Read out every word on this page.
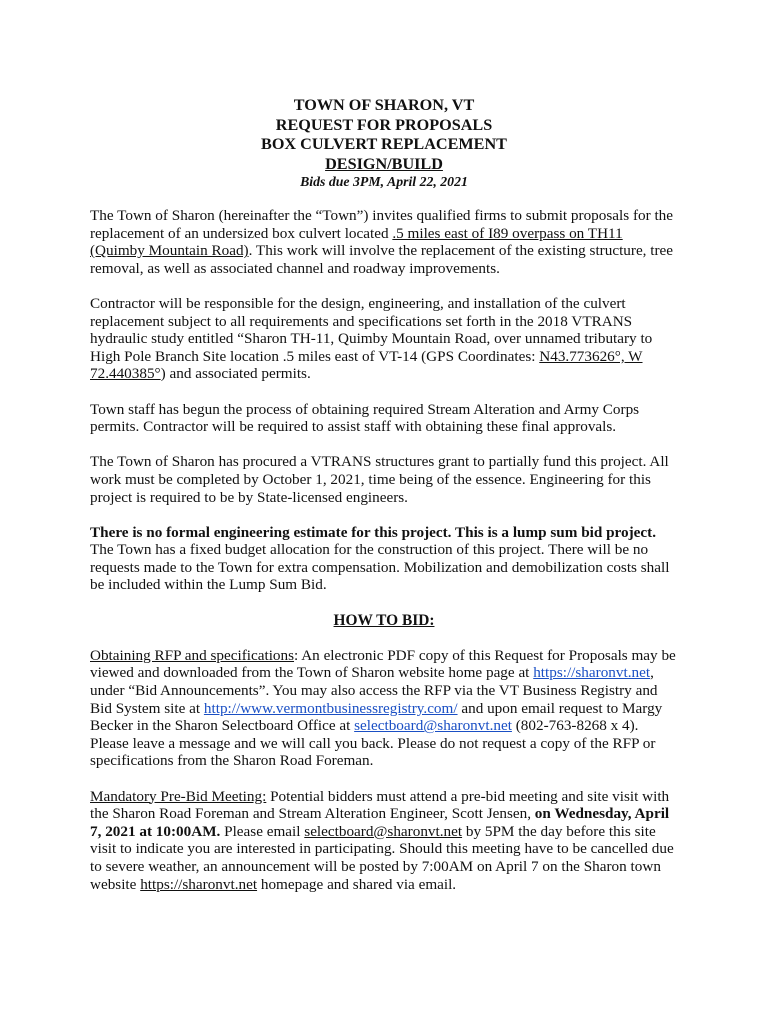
TOWN OF SHARON, VT
REQUEST FOR PROPOSALS
BOX CULVERT REPLACEMENT
DESIGN/BUILD
Bids due 3PM, April 22, 2021

The Town of Sharon (hereinafter the “Town”) invites qualified firms to submit proposals for the replacement of an undersized box culvert located .5 miles east of I89 overpass on TH11 (Quimby Mountain Road). This work will involve the replacement of the existing structure, tree removal, as well as associated channel and roadway improvements.

Contractor will be responsible for the design, engineering, and installation of the culvert replacement subject to all requirements and specifications set forth in the 2018 VTRANS hydraulic study entitled “Sharon TH-11, Quimby Mountain Road, over unnamed tributary to High Pole Branch Site location .5 miles east of VT-14 (GPS Coordinates: N43.773626°, W 72.440385°) and associated permits.

Town staff has begun the process of obtaining required Stream Alteration and Army Corps permits. Contractor will be required to assist staff with obtaining these final approvals.

The Town of Sharon has procured a VTRANS structures grant to partially fund this project. All work must be completed by October 1, 2021, time being of the essence. Engineering for this project is required to be by State-licensed engineers.

There is no formal engineering estimate for this project. This is a lump sum bid project.
The Town has a fixed budget allocation for the construction of this project. There will be no requests made to the Town for extra compensation. Mobilization and demobilization costs shall be included within the Lump Sum Bid.

HOW TO BID:

Obtaining RFP and specifications: An electronic PDF copy of this Request for Proposals may be viewed and downloaded from the Town of Sharon website home page at https://sharonvt.net, under “Bid Announcements”. You may also access the RFP via the VT Business Registry and Bid System site at http://www.vermontbusinessregistry.com/ and upon email request to Margy Becker in the Sharon Selectboard Office at selectboard@sharonvt.net (802-763-8268 x 4). Please leave a message and we will call you back. Please do not request a copy of the RFP or specifications from the Sharon Road Foreman.

Mandatory Pre-Bid Meeting: Potential bidders must attend a pre-bid meeting and site visit with the Sharon Road Foreman and Stream Alteration Engineer, Scott Jensen, on Wednesday, April 7, 2021 at 10:00AM. Please email selectboard@sharonvt.net by 5PM the day before this site visit to indicate you are interested in participating. Should this meeting have to be cancelled due to severe weather, an announcement will be posted by 7:00AM on April 7 on the Sharon town website https://sharonvt.net homepage and shared via email.
